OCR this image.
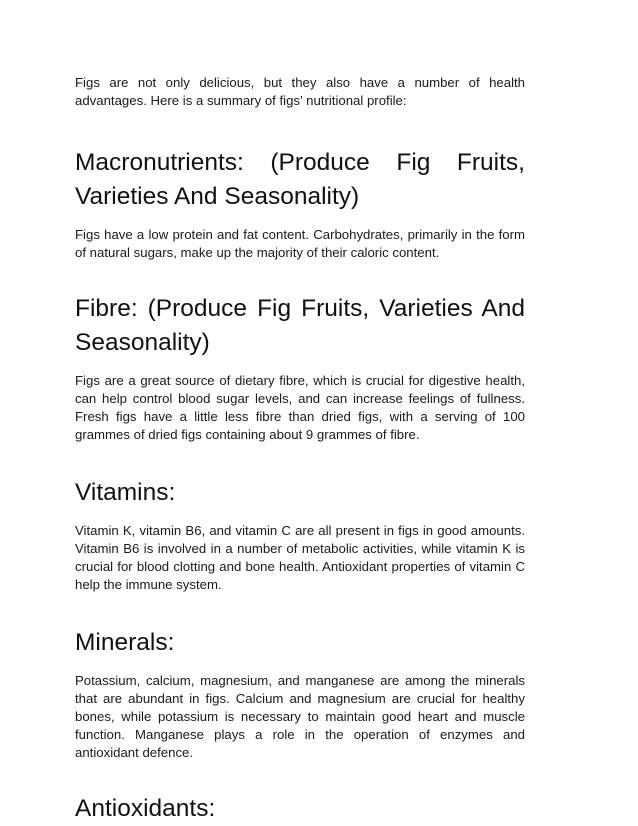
Figs are not only delicious, but they also have a number of health advantages. Here is a summary of figs’ nutritional profile:

Macronutrients: (Produce Fig Fruits, Varieties And Seasonality)

Figs have a low protein and fat content. Carbohydrates, primarily in the form of natural sugars, make up the majority of their caloric content.

Fibre: (Produce Fig Fruits, Varieties And Seasonality)

Figs are a great source of dietary fibre, which is crucial for digestive health, can help control blood sugar levels, and can increase feelings of fullness. Fresh figs have a little less fibre than dried figs, with a serving of 100 grammes of dried figs containing about 9 grammes of fibre.

Vitamins:

Vitamin K, vitamin B6, and vitamin C are all present in figs in good amounts. Vitamin B6 is involved in a number of metabolic activities, while vitamin K is crucial for blood clotting and bone health. Antioxidant properties of vitamin C help the immune system.

Minerals:

Potassium, calcium, magnesium, and manganese are among the minerals that are abundant in figs. Calcium and magnesium are crucial for healthy bones, while potassium is necessary to maintain good heart and muscle function. Manganese plays a role in the operation of enzymes and antioxidant defence.

Antioxidants:
